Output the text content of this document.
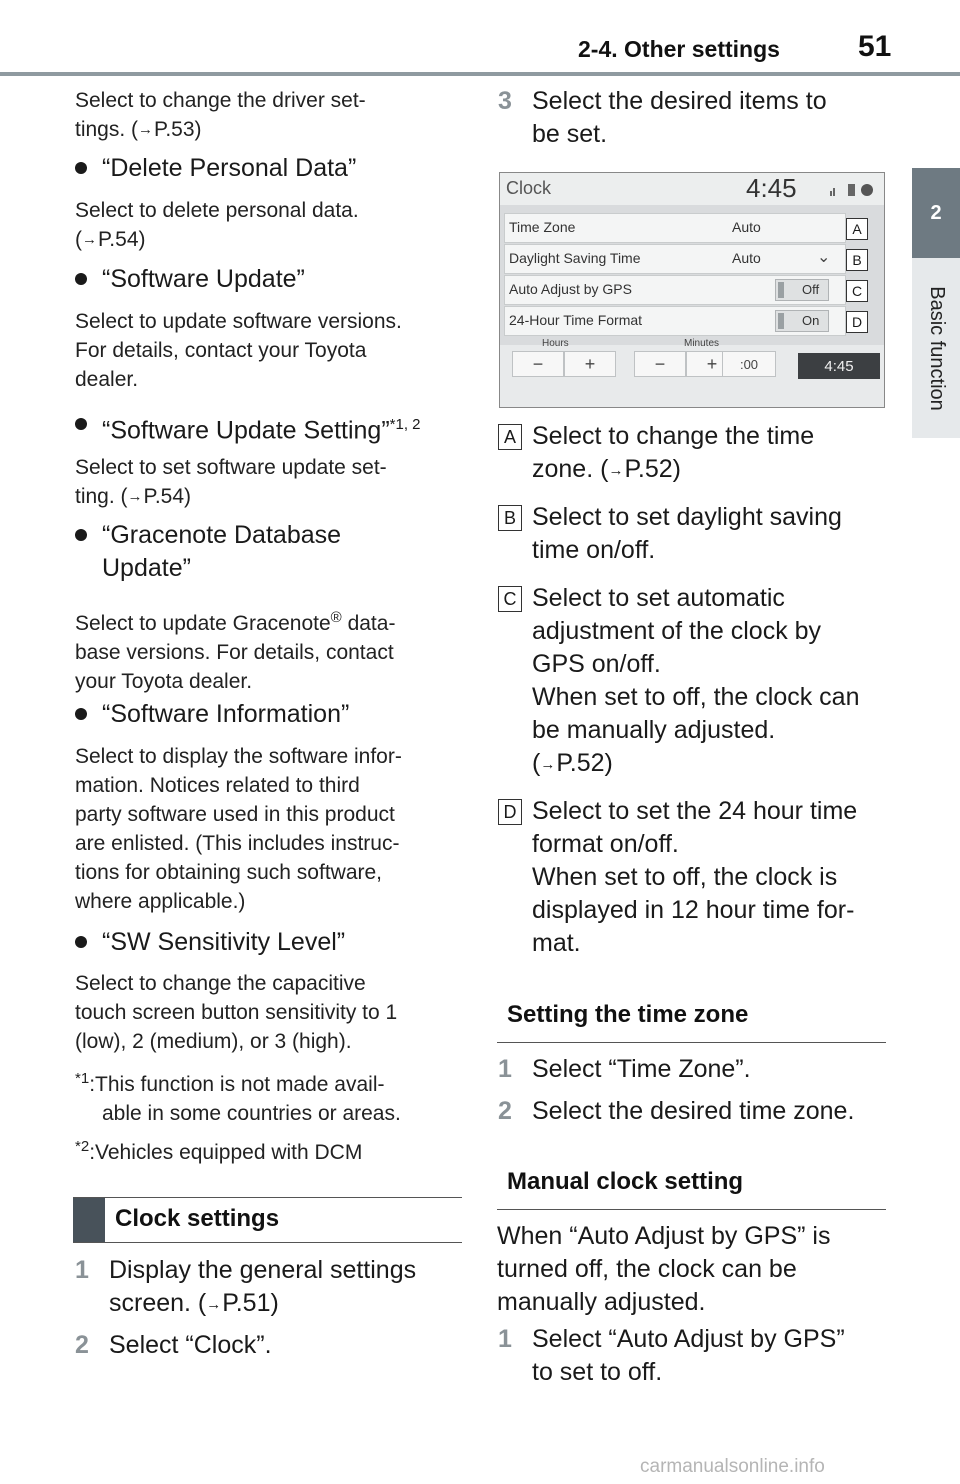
2-4. Other settings	51
2
Basic function
Select to change the driver set-
tings. (→P.53)
“Delete Personal Data”
Select to delete personal data.
(→P.54)
“Software Update”
Select to update software versions.
For details, contact your Toyota
dealer.
“Software Update Setting”$^{*1, 2}$
Select to set software update set-
ting. (→P.54)
“Gracenote Database
Update”
Select to update Gracenote® data-
base versions. For details, contact
your Toyota dealer.
“Software Information”
Select to display the software infor-
mation. Notices related to third
party software used in this product
are enlisted. (This includes instruc-
tions for obtaining such software,
where applicable.)
“SW Sensitivity Level”
Select to change the capacitive
touch screen button sensitivity to 1
(low), 2 (medium), or 3 (high).
$^{*1}$:This function is not made avail-
able in some countries or areas.
$^{*2}$:Vehicles equipped with DCM
Clock settings
1 Display the general settings
screen. (→P.51)
2 Select “Clock”.
3 Select the desired items to
be set.
Clock	4:45
Time Zone	Auto
Daylight Saving Time	Auto	⌄
Auto Adjust by GPS	Off
24-Hour Time Format	On
A
B
C
D
Hours	Minutes
−	+	−	+	:00	4:45
A Select to change the time
zone. (→P.52)
B Select to set daylight saving
time on/off.
C Select to set automatic
adjustment of the clock by
GPS on/off.
When set to off, the clock can
be manually adjusted.
(→P.52)
D Select to set the 24 hour time
format on/off.
When set to off, the clock is
displayed in 12 hour time for-
mat.
Setting the time zone
1 Select “Time Zone”.
2 Select the desired time zone.
Manual clock setting
When “Auto Adjust by GPS” is
turned off, the clock can be
manually adjusted.
1 Select “Auto Adjust by GPS”
to set to off.
carmanualsonline.info
